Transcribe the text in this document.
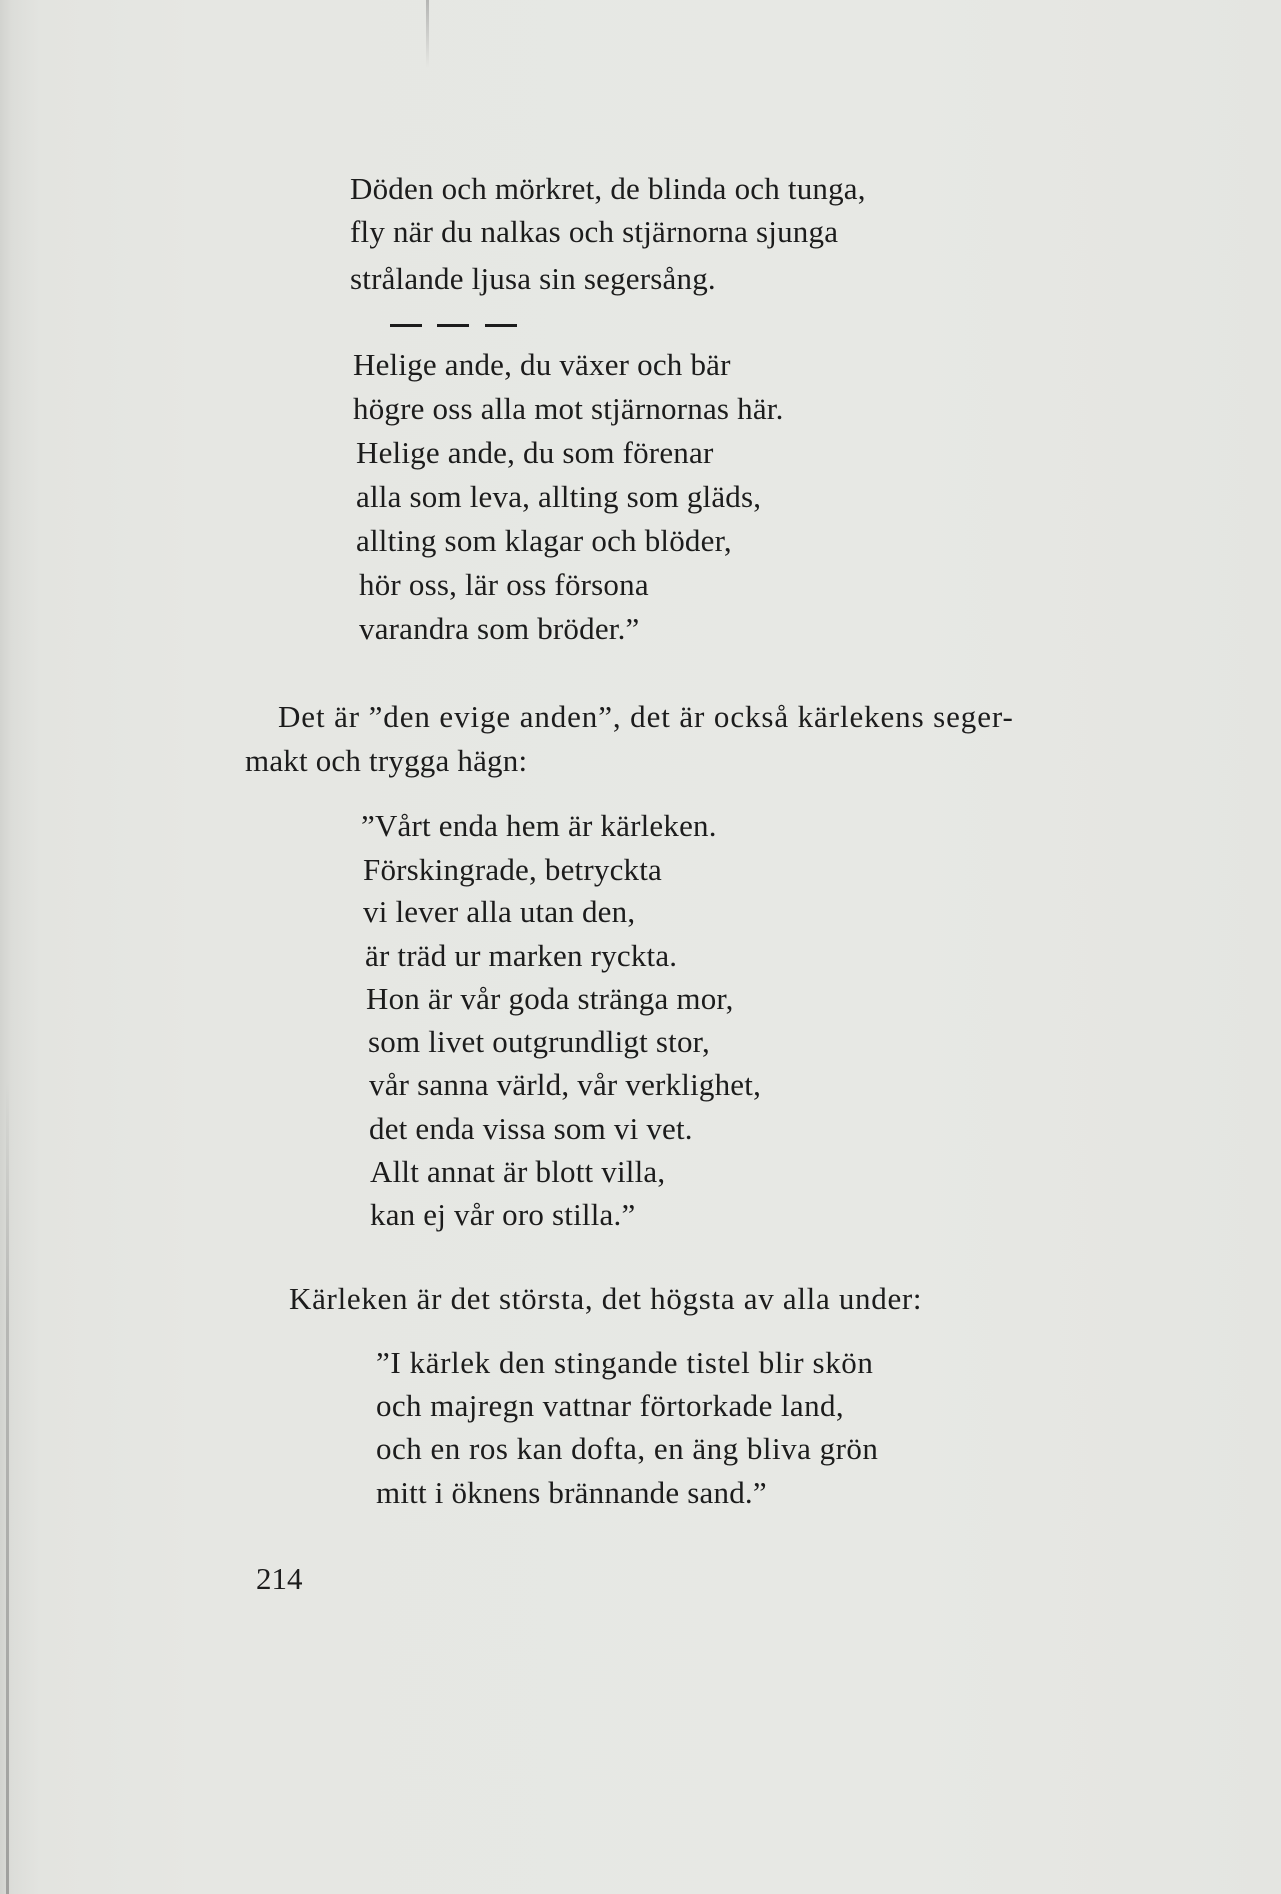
Döden och mörkret, de blinda och tunga,
fly när du nalkas och stjärnorna sjunga
strålande ljusa sin segersång.
Helige ande, du växer och bär
högre oss alla mot stjärnornas här.
Helige ande, du som förenar
alla som leva, allting som gläds,
allting som klagar och blöder,
hör oss, lär oss försona
varandra som bröder.”
Det är ”den evige anden”, det är också kärlekens seger-
makt och trygga hägn:
”Vårt enda hem är kärleken.
Förskingrade, betryckta
vi lever alla utan den,
är träd ur marken ryckta.
Hon är vår goda stränga mor,
som livet outgrundligt stor,
vår sanna värld, vår verklighet,
det enda vissa som vi vet.
Allt annat är blott villa,
kan ej vår oro stilla.”
Kärleken är det största, det högsta av alla under:
”I kärlek den stingande tistel blir skön
och majregn vattnar förtorkade land,
och en ros kan dofta, en äng bliva grön
mitt i öknens brännande sand.”
214
